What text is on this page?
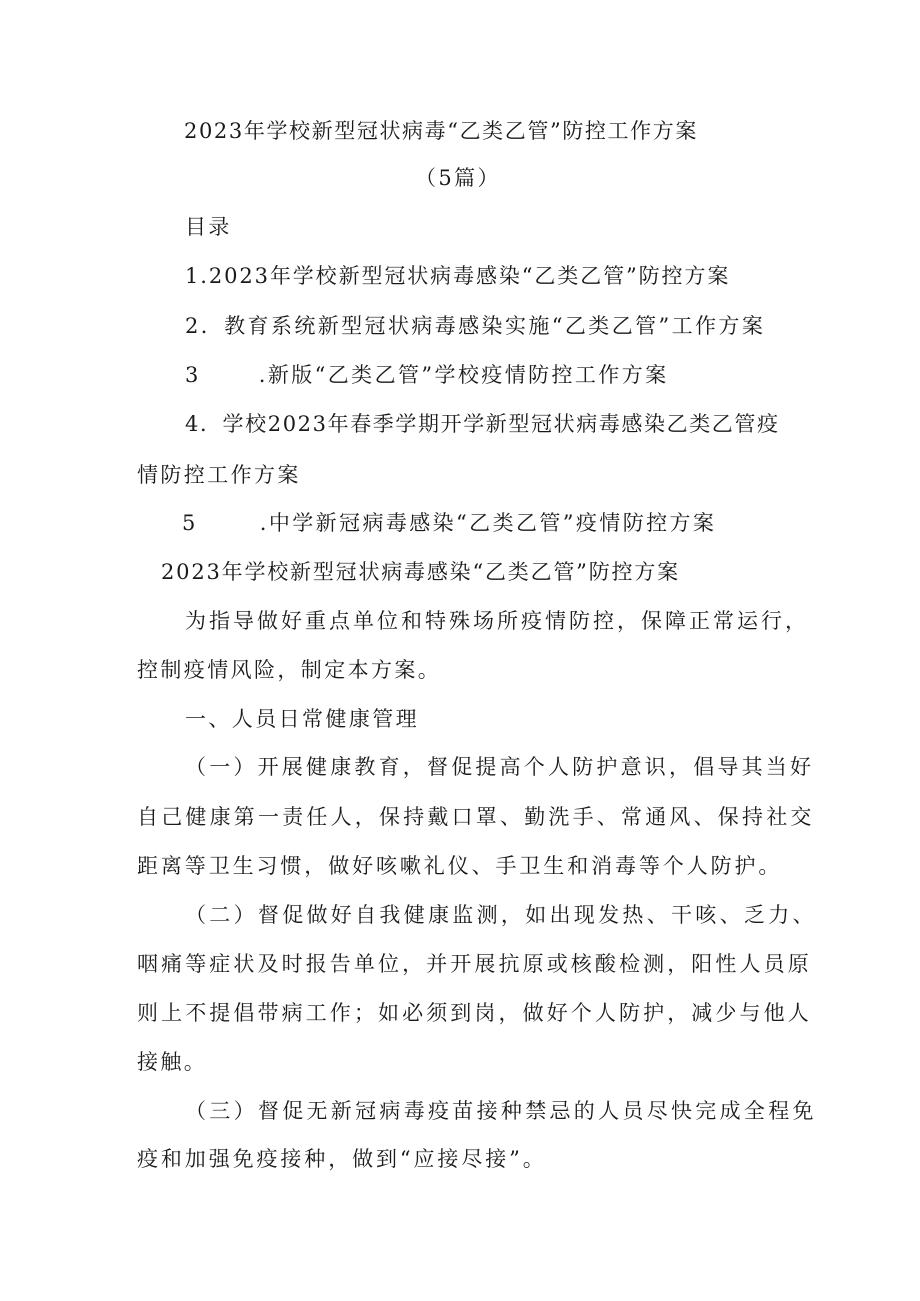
2023年学校新型冠状病毒“乙类乙管”防控工作方案

（5篇）

目录

1.2023年学校新型冠状病毒感染“乙类乙管”防控方案

2．教育系统新型冠状病毒感染实施“乙类乙管”工作方案

3	.新版“乙类乙管”学校疫情防控工作方案

4．学校2023年春季学期开学新型冠状病毒感染乙类乙管疫

情防控工作方案

5	.中学新冠病毒感染“乙类乙管”疫情防控方案

2023年学校新型冠状病毒感染“乙类乙管”防控方案

为指导做好重点单位和特殊场所疫情防控，保障正常运行，

控制疫情风险，制定本方案。

一、人员日常健康管理

（一）开展健康教育，督促提高个人防护意识，倡导其当好

自己健康第一责任人，保持戴口罩、勤洗手、常通风、保持社交

距离等卫生习惯，做好咳嗽礼仪、手卫生和消毒等个人防护。

（二）督促做好自我健康监测，如出现发热、干咳、乏力、

咽痛等症状及时报告单位，并开展抗原或核酸检测，阳性人员原

则上不提倡带病工作；如必须到岗，做好个人防护，减少与他人

接触。

（三）督促无新冠病毒疫苗接种禁忌的人员尽快完成全程免

疫和加强免疫接种，做到“应接尽接”。
